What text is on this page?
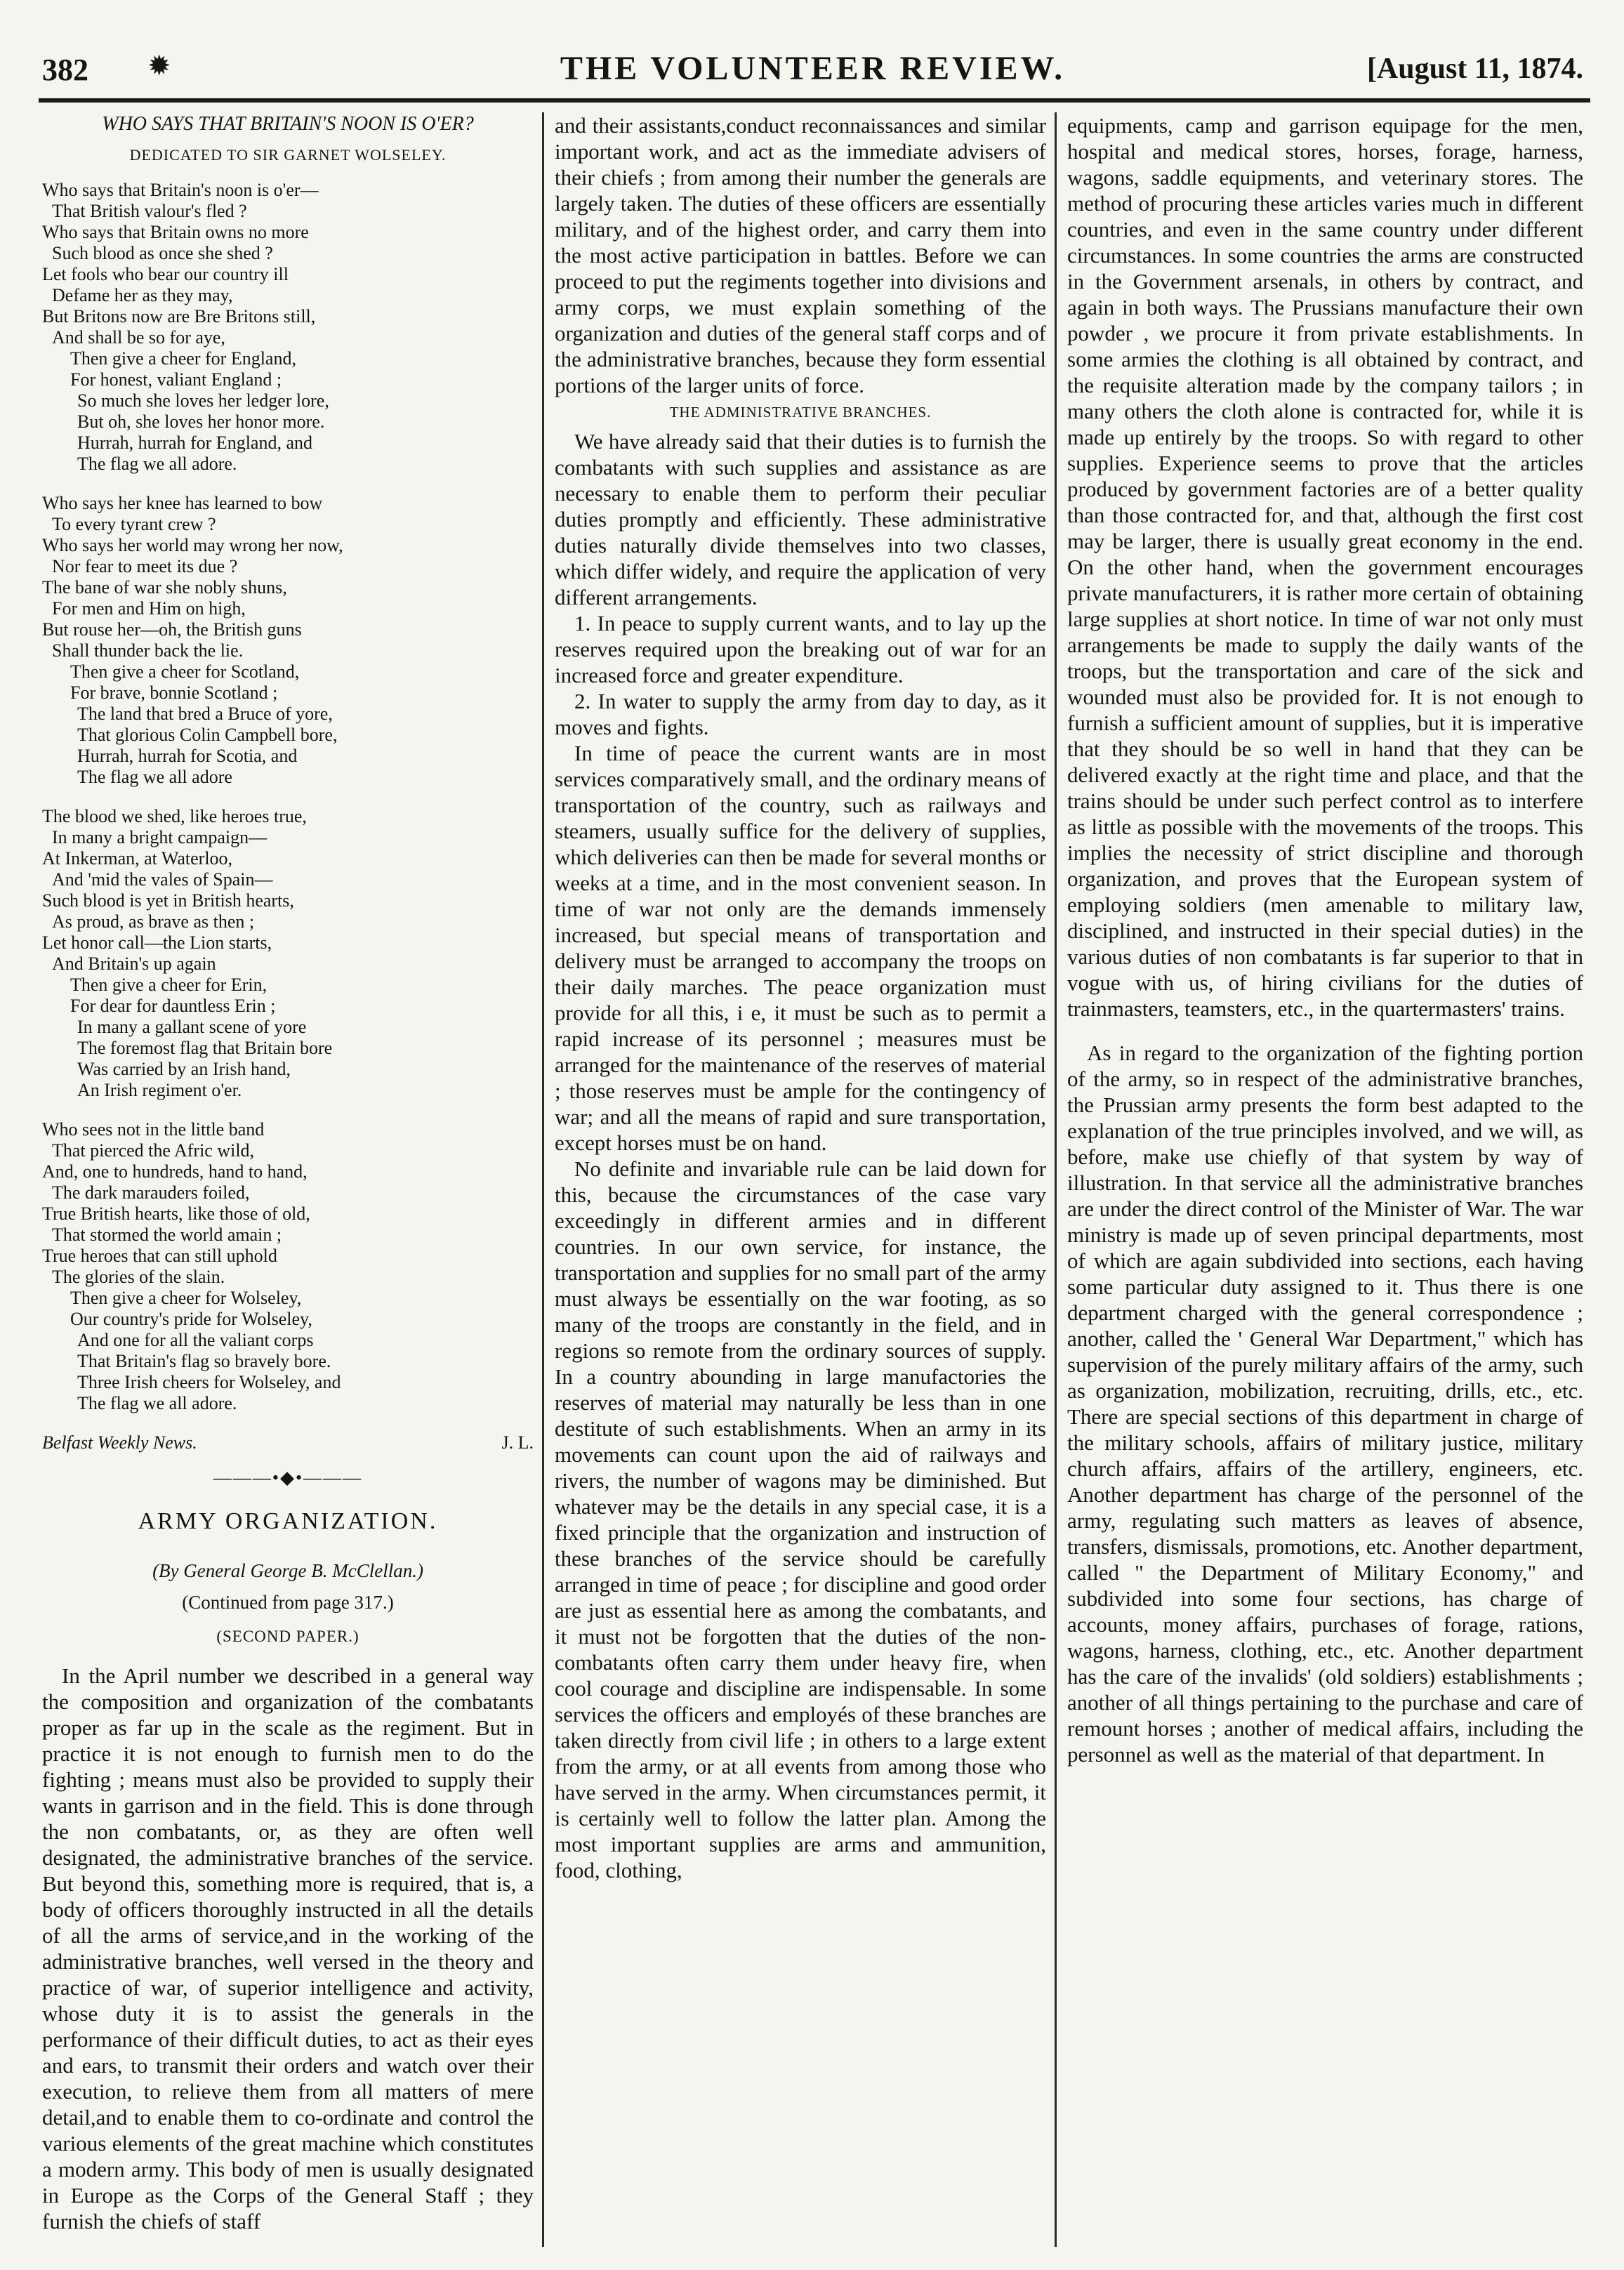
382 ✹	THE VOLUNTEER REVIEW.	[August 11, 1874.
WHO SAYS THAT BRITAIN'S NOON IS O'ER?
DEDICATED TO SIR GARNET WOLSELEY.
Who says that Britain's noon is o'er—
That British valour's fled ?
Who says that Britain owns no more
Such blood as once she shed ?
Let fools who bear our country ill
Defame her as they may,
But Britons now are Bre Britons still,
And shall be so for aye,
Then give a cheer for England,
For honest, valiant England ;
So much she loves her ledger lore,
But oh, she loves her honor more.
Hurrah, hurrah for England, and
The flag we all adore.
Who says her knee has learned to bow
To every tyrant crew ?
Who says her world may wrong her now,
Nor fear to meet its due ?
The bane of war she nobly shuns,
For men and Him on high,
But rouse her—oh, the British guns
Shall thunder back the lie.
Then give a cheer for Scotland,
For brave, bonnie Scotland ;
The land that bred a Bruce of yore,
That glorious Colin Campbell bore,
Hurrah, hurrah for Scotia, and
The flag we all adore
The blood we shed, like heroes true,
In many a bright campaign—
At Inkerman, at Waterloo,
And 'mid the vales of Spain—
Such blood is yet in British hearts,
As proud, as brave as then ;
Let honor call—the Lion starts,
And Britain's up again
Then give a cheer for Erin,
For dear for dauntless Erin ;
In many a gallant scene of yore
The foremost flag that Britain bore
Was carried by an Irish hand,
An Irish regiment o'er.
Who sees not in the little band
That pierced the Afric wild,
And, one to hundreds, hand to hand,
The dark marauders foiled,
True British hearts, like those of old,
That stormed the world amain ;
True heroes that can still uphold
The glories of the slain.
Then give a cheer for Wolseley,
Our country's pride for Wolseley,
And one for all the valiant corps
That Britain's flag so bravely bore.
Three Irish cheers for Wolseley, and
The flag we all adore.
Belfast Weekly News.	J. L.
———•◆•———
ARMY ORGANIZATION.
(By General George B. McClellan.)
(Continued from page 317.)
(SECOND PAPER.)

In the April number we described in a general way the composition and organization of the combatants proper as far up in the scale as the regiment. But in practice it is not enough to furnish men to do the fighting ; means must also be provided to supply their wants in garrison and in the field. This is done through the non combatants, or, as they are often well designated, the administrative branches of the service. But beyond this, something more is required, that is, a body of officers thoroughly instructed in all the details of all the arms of service,and in the working of the administrative branches, well versed in the theory and practice of war, of superior intelligence and activity, whose duty it is to assist the generals in the performance of their difficult duties, to act as their eyes and ears, to transmit their orders and watch over their execution, to relieve them from all matters of mere detail,and to enable them to co-ordinate and control the various elements of the great machine which constitutes a modern army. This body of men is usually designated in Europe as the Corps of the General Staff ; they furnish the chiefs of staff

and their assistants,conduct reconnaissances and similar important work, and act as the immediate advisers of their chiefs ; from among their number the generals are largely taken. The duties of these officers are essentially military, and of the highest order, and carry them into the most active participation in battles. Before we can proceed to put the regiments together into divisions and army corps, we must explain something of the organization and duties of the general staff corps and of the administrative branches, because they form essential portions of the larger units of force.

THE ADMINISTRATIVE BRANCHES.

We have already said that their duties is to furnish the combatants with such supplies and assistance as are necessary to enable them to perform their peculiar duties promptly and efficiently. These administrative duties naturally divide themselves into two classes, which differ widely, and require the application of very different arrangements.

1. In peace to supply current wants, and to lay up the reserves required upon the breaking out of war for an increased force and greater expenditure.

2. In water to supply the army from day to day, as it moves and fights.

In time of peace the current wants are in most services comparatively small, and the ordinary means of transportation of the country, such as railways and steamers, usually suffice for the delivery of supplies, which deliveries can then be made for several months or weeks at a time, and in the most convenient season. In time of war not only are the demands immensely increased, but special means of transportation and delivery must be arranged to accompany the troops on their daily marches. The peace organization must provide for all this, i e, it must be such as to permit a rapid increase of its personnel ; measures must be arranged for the maintenance of the reserves of material ; those reserves must be ample for the contingency of war; and all the means of rapid and sure transportation, except horses must be on hand.

No definite and invariable rule can be laid down for this, because the circumstances of the case vary exceedingly in different armies and in different countries. In our own service, for instance, the transportation and supplies for no small part of the army must always be essentially on the war footing, as so many of the troops are constantly in the field, and in regions so remote from the ordinary sources of supply. In a country abounding in large manufactories the reserves of material may naturally be less than in one destitute of such establishments. When an army in its movements can count upon the aid of railways and rivers, the number of wagons may be diminished. But whatever may be the details in any special case, it is a fixed principle that the organization and instruction of these branches of the service should be carefully arranged in time of peace ; for discipline and good order are just as essential here as among the combatants, and it must not be forgotten that the duties of the non-combatants often carry them under heavy fire, when cool courage and discipline are indispensable. In some services the officers and employés of these branches are taken directly from civil life ; in others to a large extent from the army, or at all events from among those who have served in the army. When circumstances permit, it is certainly well to follow the latter plan. Among the most important supplies are arms and ammunition, food, clothing,

equipments, camp and garrison equipage for the men, hospital and medical stores, horses, forage, harness, wagons, saddle equipments, and veterinary stores. The method of procuring these articles varies much in different countries, and even in the same country under different circumstances. In some countries the arms are constructed in the Government arsenals, in others by contract, and again in both ways. The Prussians manufacture their own powder , we procure it from private establishments. In some armies the clothing is all obtained by contract, and the requisite alteration made by the company tailors ; in many others the cloth alone is contracted for, while it is made up entirely by the troops. So with regard to other supplies. Experience seems to prove that the articles produced by government factories are of a better quality than those contracted for, and that, although the first cost may be larger, there is usually great economy in the end. On the other hand, when the government encourages private manufacturers, it is rather more certain of obtaining large supplies at short notice. In time of war not only must arrangements be made to supply the daily wants of the troops, but the transportation and care of the sick and wounded must also be provided for. It is not enough to furnish a sufficient amount of supplies, but it is imperative that they should be so well in hand that they can be delivered exactly at the right time and place, and that the trains should be under such perfect control as to interfere as little as possible with the movements of the troops. This implies the necessity of strict discipline and thorough organization, and proves that the European system of employing soldiers (men amenable to military law, disciplined, and instructed in their special duties) in the various duties of non combatants is far superior to that in vogue with us, of hiring civilians for the duties of trainmasters, teamsters, etc., in the quartermasters' trains.

As in regard to the organization of the fighting portion of the army, so in respect of the administrative branches, the Prussian army presents the form best adapted to the explanation of the true principles involved, and we will, as before, make use chiefly of that system by way of illustration. In that service all the administrative branches are under the direct control of the Minister of War. The war ministry is made up of seven principal departments, most of which are again subdivided into sections, each having some particular duty assigned to it. Thus there is one department charged with the general correspondence ; another, called the ' General War Department," which has supervision of the purely military affairs of the army, such as organization, mobilization, recruiting, drills, etc., etc. There are special sections of this department in charge of the military schools, affairs of military justice, military church affairs, affairs of the artillery, engineers, etc. Another department has charge of the personnel of the army, regulating such matters as leaves of absence, transfers, dismissals, promotions, etc. Another department, called " the Department of Military Economy," and subdivided into some four sections, has charge of accounts, money affairs, purchases of forage, rations, wagons, harness, clothing, etc., etc. Another department has the care of the invalids' (old soldiers) establishments ; another of all things pertaining to the purchase and care of remount horses ; another of medical affairs, including the personnel as well as the material of that department. In
